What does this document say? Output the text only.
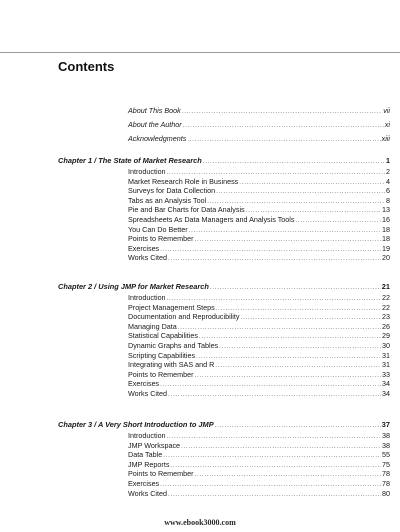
Contents
About This Book .....	vii
About the Author .....	xi
Acknowledgments .....	xiii
Chapter 1 / The State of Market Research .....	1
Introduction .....	2
Market Research Role in Business .....	4
Surveys for Data Collection .....	6
Tabs as an Analysis Tool .....	8
Pie and Bar Charts for Data Analysis .....	13
Spreadsheets As Data Managers and Analysis Tools .....	16
You Can Do Better .....	18
Points to Remember .....	18
Exercises .....	19
Works Cited .....	20
Chapter 2 / Using JMP for Market Research .....	21
Introduction .....	22
Project Management Steps .....	22
Documentation and Reproducibility .....	23
Managing Data .....	26
Statistical Capabilities .....	29
Dynamic Graphs and Tables .....	30
Scripting Capabilities .....	31
Integrating with SAS and R .....	31
Points to Remember .....	33
Exercises .....	34
Works Cited .....	34
Chapter 3 / A Very Short Introduction to JMP .....	37
Introduction .....	38
JMP Workspace .....	38
Data Table .....	55
JMP Reports .....	75
Points to Remember .....	78
Exercises .....	78
Works Cited .....	80
www.ebook3000.com
